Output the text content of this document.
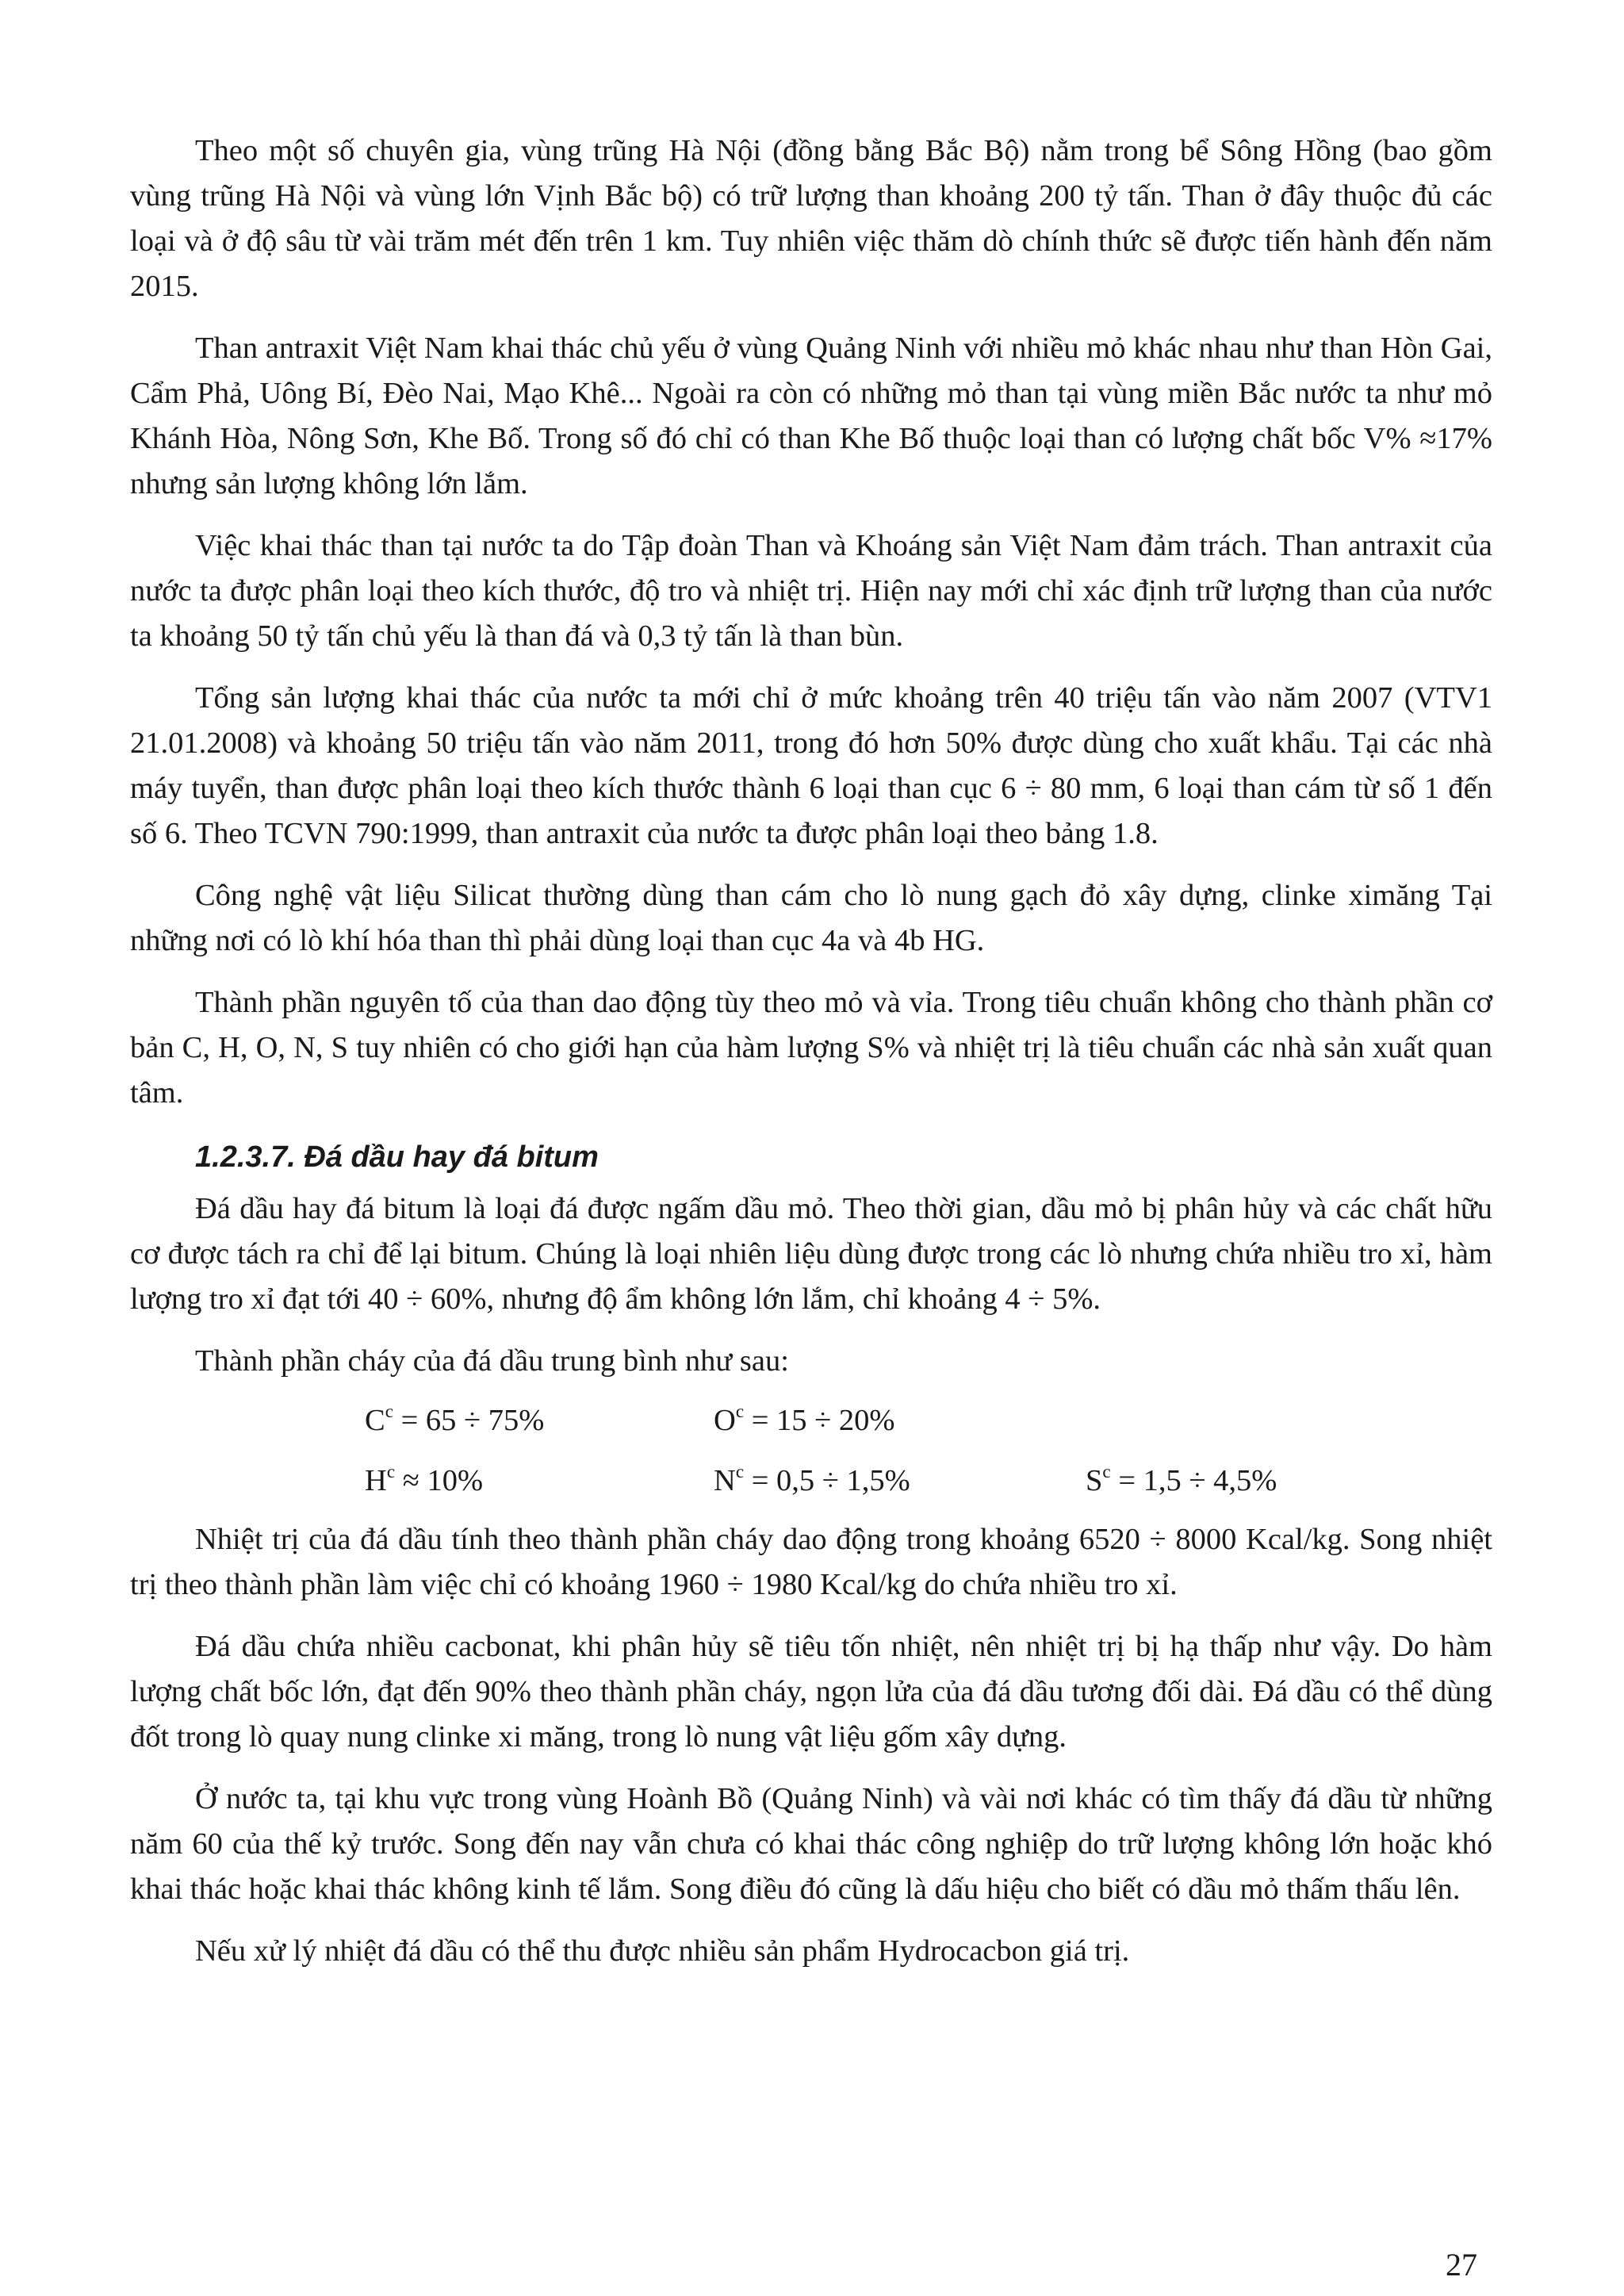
Theo một số chuyên gia, vùng trũng Hà Nội (đồng bằng Bắc Bộ) nằm trong bể Sông Hồng (bao gồm vùng trũng Hà Nội và vùng lớn Vịnh Bắc bộ) có trữ lượng than khoảng 200 tỷ tấn. Than ở đây thuộc đủ các loại và ở độ sâu từ vài trăm mét đến trên 1 km. Tuy nhiên việc thăm dò chính thức sẽ được tiến hành đến năm 2015.

Than antraxit Việt Nam khai thác chủ yếu ở vùng Quảng Ninh với nhiều mỏ khác nhau như than Hòn Gai, Cẩm Phả, Uông Bí, Đèo Nai, Mạo Khê... Ngoài ra còn có những mỏ than tại vùng miền Bắc nước ta như mỏ Khánh Hòa, Nông Sơn, Khe Bố. Trong số đó chỉ có than Khe Bố thuộc loại than có lượng chất bốc V% ≈17% nhưng sản lượng không lớn lắm.

Việc khai thác than tại nước ta do Tập đoàn Than và Khoáng sản Việt Nam đảm trách. Than antraxit của nước ta được phân loại theo kích thước, độ tro và nhiệt trị. Hiện nay mới chỉ xác định trữ lượng than của nước ta khoảng 50 tỷ tấn chủ yếu là than đá và 0,3 tỷ tấn là than bùn.

Tổng sản lượng khai thác của nước ta mới chỉ ở mức khoảng trên 40 triệu tấn vào năm 2007 (VTV1 21.01.2008) và khoảng 50 triệu tấn vào năm 2011, trong đó hơn 50% được dùng cho xuất khẩu. Tại các nhà máy tuyển, than được phân loại theo kích thước thành 6 loại than cục 6 ÷ 80 mm, 6 loại than cám từ số 1 đến số 6. Theo TCVN 790:1999, than antraxit của nước ta được phân loại theo bảng 1.8.

Công nghệ vật liệu Silicat thường dùng than cám cho lò nung gạch đỏ xây dựng, clinke ximăng Tại những nơi có lò khí hóa than thì phải dùng loại than cục 4a và 4b HG.

Thành phần nguyên tố của than dao động tùy theo mỏ và vỉa. Trong tiêu chuẩn không cho thành phần cơ bản C, H, O, N, S tuy nhiên có cho giới hạn của hàm lượng S% và nhiệt trị là tiêu chuẩn các nhà sản xuất quan tâm.

1.2.3.7. Đá dầu hay đá bitum

Đá dầu hay đá bitum là loại đá được ngấm dầu mỏ. Theo thời gian, dầu mỏ bị phân hủy và các chất hữu cơ được tách ra chỉ để lại bitum. Chúng là loại nhiên liệu dùng được trong các lò nhưng chứa nhiều tro xỉ, hàm lượng tro xỉ đạt tới 40 ÷ 60%, nhưng độ ẩm không lớn lắm, chỉ khoảng 4 ÷ 5%.

Thành phần cháy của đá dầu trung bình như sau:

$C^c = 65 \div 75\%$	$O^c = 15 \div 20\%$
$H^c \approx 10\%$	$N^c = 0,5 \div 1,5\%$	$S^c = 1,5 \div 4,5\%$

Nhiệt trị của đá dầu tính theo thành phần cháy dao động trong khoảng 6520 ÷ 8000 Kcal/kg. Song nhiệt trị theo thành phần làm việc chỉ có khoảng 1960 ÷ 1980 Kcal/kg do chứa nhiều tro xỉ.

Đá dầu chứa nhiều cacbonat, khi phân hủy sẽ tiêu tốn nhiệt, nên nhiệt trị bị hạ thấp như vậy. Do hàm lượng chất bốc lớn, đạt đến 90% theo thành phần cháy, ngọn lửa của đá dầu tương đối dài. Đá dầu có thể dùng đốt trong lò quay nung clinke xi măng, trong lò nung vật liệu gốm xây dựng.

Ở nước ta, tại khu vực trong vùng Hoành Bồ (Quảng Ninh) và vài nơi khác có tìm thấy đá dầu từ những năm 60 của thế kỷ trước. Song đến nay vẫn chưa có khai thác công nghiệp do trữ lượng không lớn hoặc khó khai thác hoặc khai thác không kinh tế lắm. Song điều đó cũng là dấu hiệu cho biết có dầu mỏ thấm thấu lên.

Nếu xử lý nhiệt đá dầu có thể thu được nhiều sản phẩm Hydrocacbon giá trị.

27
